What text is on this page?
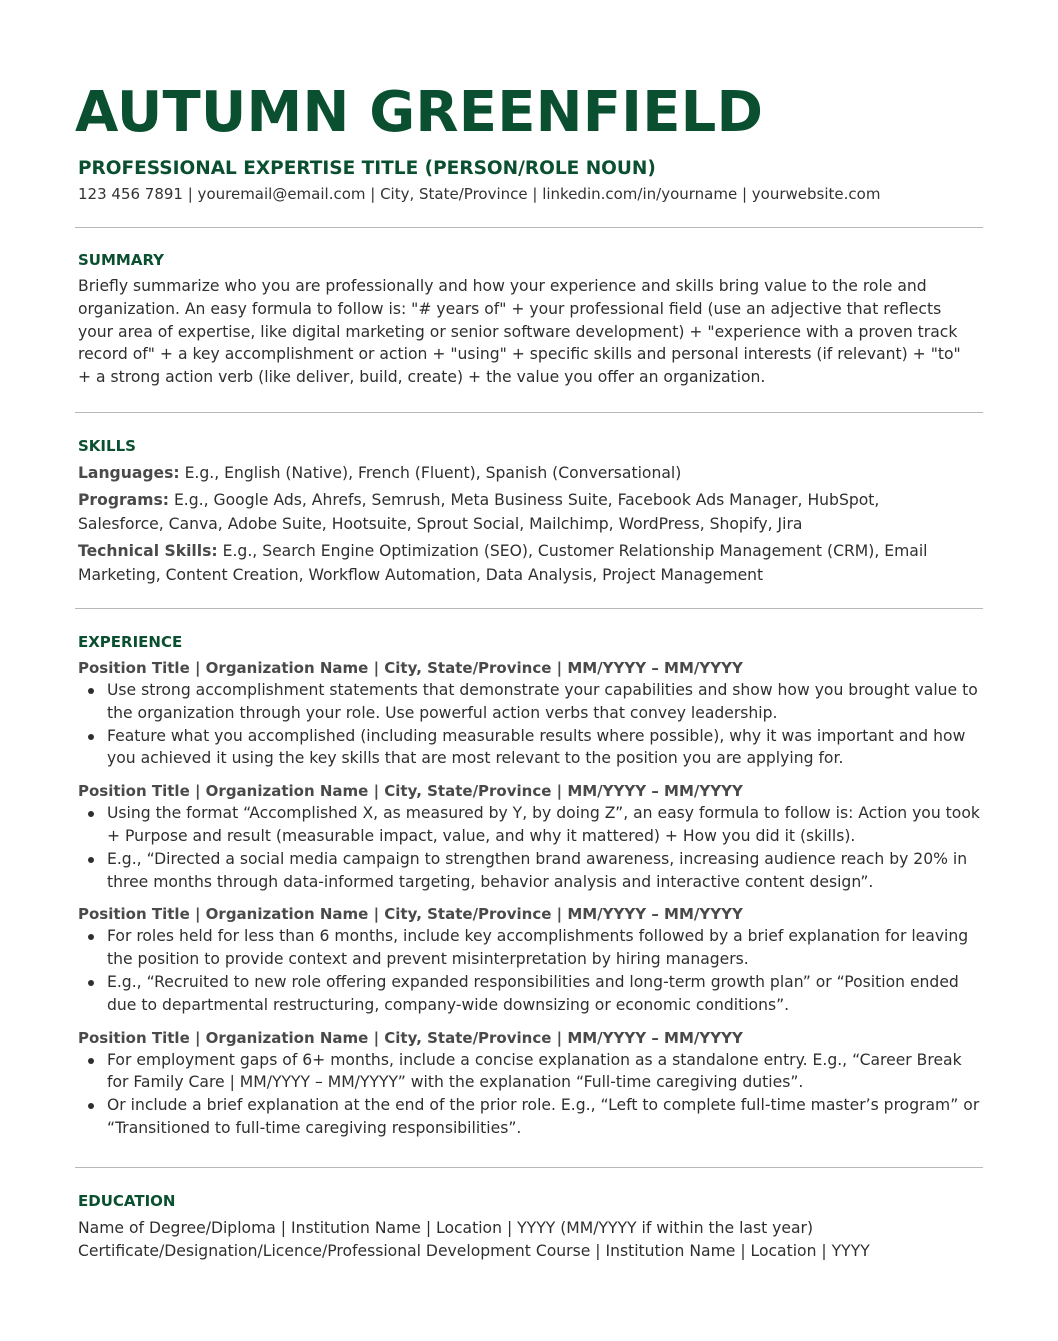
AUTUMN GREENFIELD
PROFESSIONAL EXPERTISE TITLE (PERSON/ROLE NOUN)
123 456 7891 | youremail@email.com | City, State/Province | linkedin.com/in/yourname | yourwebsite.com
SUMMARY

Briefly summarize who you are professionally and how your experience and skills bring value to the role and organization. An easy formula to follow is: "# years of" + your professional field (use an adjective that reflects your area of expertise, like digital marketing or senior software development) + "experience with a proven track record of" + a key accomplishment or action + "using" + specific skills and personal interests (if relevant) + "to" + a strong action verb (like deliver, build, create) + the value you offer an organization.

SKILLS

Languages: E.g., English (Native), French (Fluent), Spanish (Conversational)

Programs: E.g., Google Ads, Ahrefs, Semrush, Meta Business Suite, Facebook Ads Manager, HubSpot, Salesforce, Canva, Adobe Suite, Hootsuite, Sprout Social, Mailchimp, WordPress, Shopify, Jira

Technical Skills: E.g., Search Engine Optimization (SEO), Customer Relationship Management (CRM), Email Marketing, Content Creation, Workflow Automation, Data Analysis, Project Management

EXPERIENCE

Position Title | Organization Name | City, State/Province | MM/YYYY – MM/YYYY

Use strong accomplishment statements that demonstrate your capabilities and show how you brought value to the organization through your role. Use powerful action verbs that convey leadership.
Feature what you accomplished (including measurable results where possible), why it was important and how you achieved it using the key skills that are most relevant to the position you are applying for.

Position Title | Organization Name | City, State/Province | MM/YYYY – MM/YYYY

Using the format “Accomplished X, as measured by Y, by doing Z”, an easy formula to follow is: Action you took + Purpose and result (measurable impact, value, and why it mattered) + How you did it (skills).
E.g., “Directed a social media campaign to strengthen brand awareness, increasing audience reach by 20% in three months through data-informed targeting, behavior analysis and interactive content design”.

Position Title | Organization Name | City, State/Province | MM/YYYY – MM/YYYY

For roles held for less than 6 months, include key accomplishments followed by a brief explanation for leaving the position to provide context and prevent misinterpretation by hiring managers.
E.g., “Recruited to new role offering expanded responsibilities and long-term growth plan” or “Position ended due to departmental restructuring, company-wide downsizing or economic conditions”.

Position Title | Organization Name | City, State/Province | MM/YYYY – MM/YYYY

For employment gaps of 6+ months, include a concise explanation as a standalone entry. E.g., “Career Break for Family Care | MM/YYYY – MM/YYYY” with the explanation “Full-time caregiving duties”.
Or include a brief explanation at the end of the prior role. E.g., “Left to complete full-time master’s program” or “Transitioned to full-time caregiving responsibilities”.
EDUCATION

Name of Degree/Diploma | Institution Name | Location | YYYY (MM/YYYY if within the last year)

Certificate/Designation/Licence/Professional Development Course | Institution Name | Location | YYYY
